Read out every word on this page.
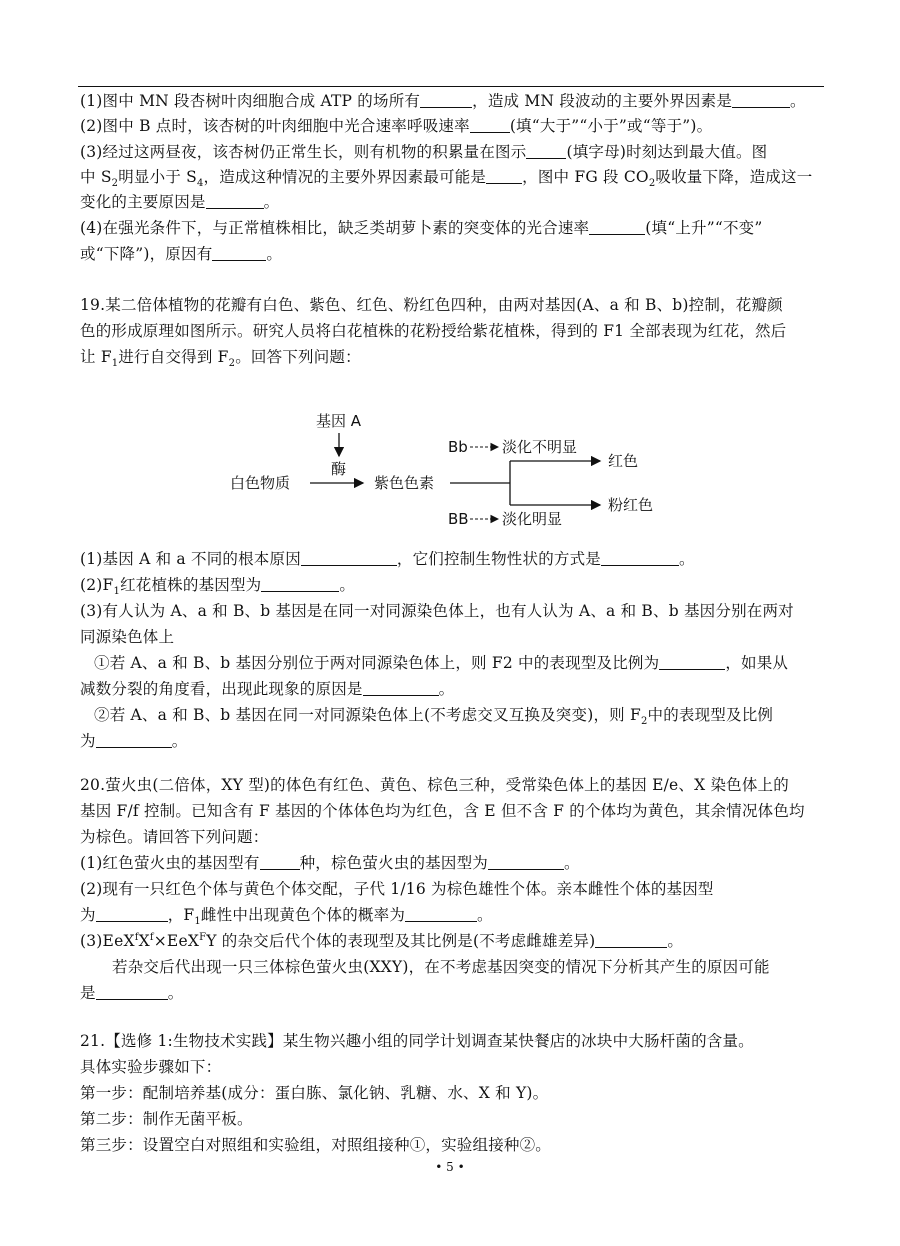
(1)图中 MN 段杏树叶肉细胞合成 ATP 的场所有	，造成 MN 段波动的主要外界因素是	。
(2)图中 B 点时，该杏树的叶肉细胞中光合速率呼吸速率	(填“大于”“小于”或“等于”)。
(3)经过这两昼夜，该杏树仍正常生长，则有机物的积累量在图示	(填字母)时刻达到最大值。图
中 $S_2$明显小于 $S_4$，造成这种情况的主要外界因素最可能是 ，图中 FG 段 $CO_2$吸收量下降，造成这一
变化的主要原因是	。
(4)在强光条件下，与正常植株相比，缺乏类胡萝卜素的突变体的光合速率	(填“上升”“不变”
或“下降”)，原因有	。
19.某二倍体植物的花瓣有白色、紫色、红色、粉红色四种，由两对基因(A、a 和 B、b)控制，花瓣颜
色的形成原理如图所示。研究人员将白花植株的花粉授给紫花植株，得到的 F1 全部表现为红花，然后
让 $F_1$进行自交得到 $F_2$。回答下列问题：
基因 A
酶
白色物质	紫色色素
Bb 淡化不明显
红色
粉红色
BB 淡化明显
(1)基因 A 和 a 不同的根本原因	，它们控制生物性状的方式是	。
$(2)F_1$红花植株的基因型为	。
(3)有人认为 A、a 和 B、b 基因是在同一对同源染色体上，也有人认为 A、a 和 B、b 基因分别在两对
同源染色体上
①若 A、a 和 B、b 基因分别位于两对同源染色体上，则 F2 中的表现型及比例为	，如果从
减数分裂的角度看，出现此现象的原因是	。
②若 A、a 和 B、b 基因在同一对同源染色体上(不考虑交叉互换及突变)，则 $F_2$中的表现型及比例
为	。
20.萤火虫(二倍体，XY 型)的体色有红色、黄色、棕色三种，受常染色体上的基因 E/e、X 染色体上的
基因 F/f 控制。已知含有 F 基因的个体体色均为红色，含 E 但不含 F 的个体均为黄色，其余情况体色均
为棕色。请回答下列问题：
(1)红色萤火虫的基因型有	种，棕色萤火虫的基因型为	。
(2)现有一只红色个体与黄色个体交配，子代 1/16 为棕色雄性个体。亲本雌性个体的基因型
为	，$F_1$雌性中出现黄色个体的概率为	。
$(3)EeX^fX^f\times EeX^FY$ 的杂交后代个体的表现型及其比例是(不考虑雌雄差异)	。
若杂交后代出现一只三体棕色萤火虫(XXY)，在不考虑基因突变的情况下分析其产生的原因可能
是	。
21.【选修 1:生物技术实践】某生物兴趣小组的同学计划调查某快餐店的冰块中大肠杆菌的含量。
具体实验步骤如下：
第一步：配制培养基(成分：蛋白胨、氯化钠、乳糖、水、X 和 Y)。
第二步：制作无菌平板。
第三步：设置空白对照组和实验组，对照组接种①，实验组接种②。
• 5 •
